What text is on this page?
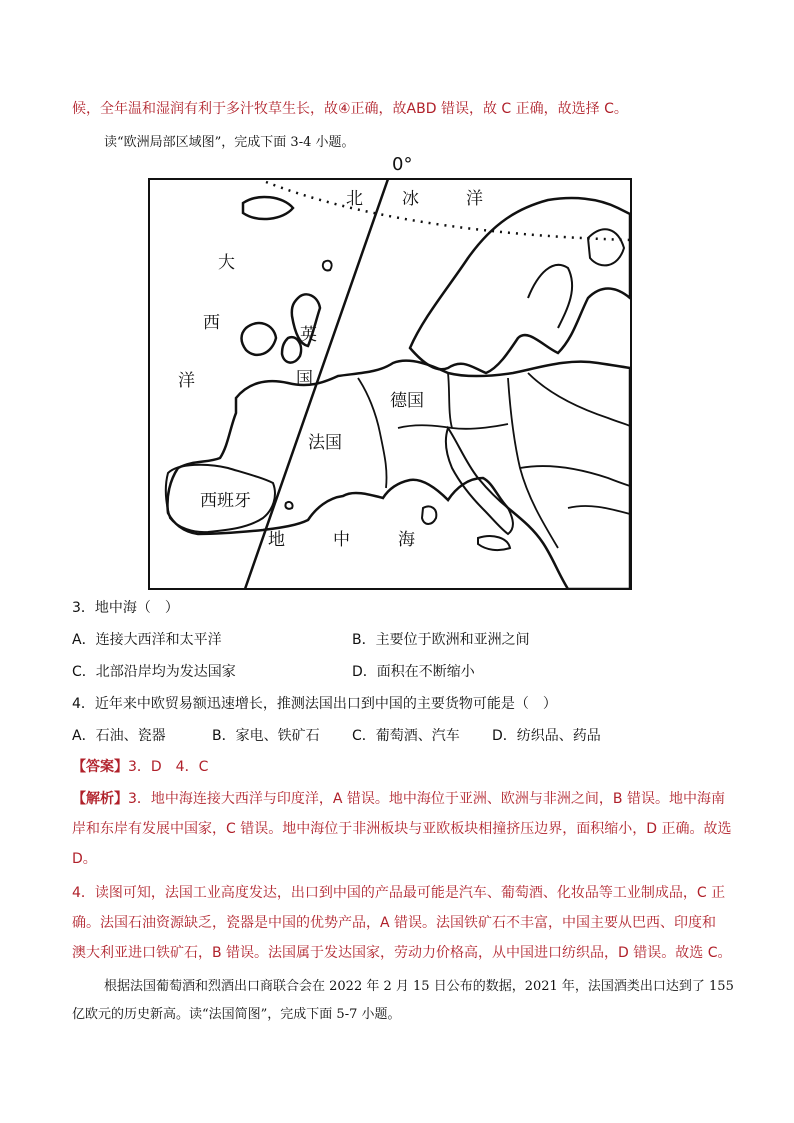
候，全年温和湿润有利于多汁牧草生长，故④正确，故ABD 错误，故 C 正确，故选择 C。
读“欧洲局部区域图”，完成下面 3-4 小题。
0°
北 冰	洋
大
西
洋
英
国
德国
法国
西班牙
地	中	海
3．地中海（　）
A．连接大西洋和太平洋	B．主要位于欧洲和亚洲之间
C．北部沿岸均为发达国家	D．面积在不断缩小
4．近年来中欧贸易额迅速增长，推测法国出口到中国的主要货物可能是（　）
A．石油、瓷器	B．家电、铁矿石 C．葡萄酒、汽车 D．纺织品、药品
【答案】3．D　4．C
【解析】3．地中海连接大西洋与印度洋，A 错误。地中海位于亚洲、欧洲与非洲之间，B 错误。地中海南
岸和东岸有发展中国家，C 错误。地中海位于非洲板块与亚欧板块相撞挤压边界，面积缩小，D 正确。故选
D。
4．读图可知，法国工业高度发达，出口到中国的产品最可能是汽车、葡萄酒、化妆品等工业制成品，C 正
确。法国石油资源缺乏，瓷器是中国的优势产品，A 错误。法国铁矿石不丰富，中国主要从巴西、印度和
澳大利亚进口铁矿石，B 错误。法国属于发达国家，劳动力价格高，从中国进口纺织品，D 错误。故选 C。
根据法国葡萄酒和烈酒出口商联合会在 2022 年 2 月 15 日公布的数据，2021 年，法国酒类出口达到了 155
亿欧元的历史新高。读“法国简图”，完成下面 5-7 小题。
